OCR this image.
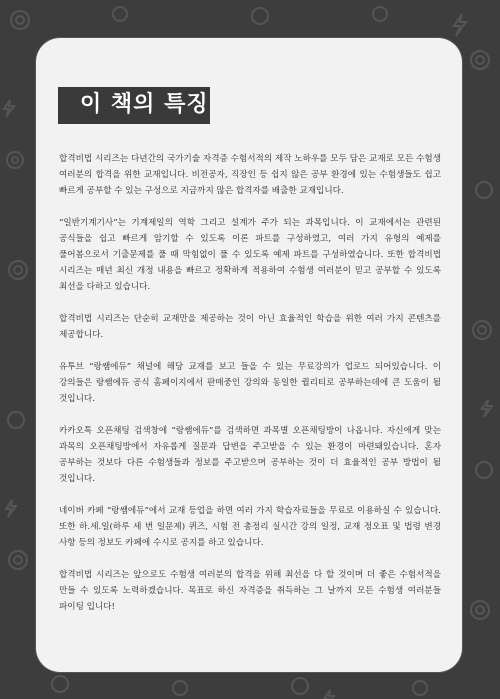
이 책의 특징

합격비법 시리즈는 다년간의 국가기술 자격증 수험서적의 제작 노하우를 모두 담은 교재로 모든 수험생 여러분의 합격을 위한 교재입니다. 비전공자, 직장인 등 쉽지 않은 공부 환경에 있는 수험생들도 쉽고 빠르게 공부할 수 있는 구성으로 지금까지 많은 합격자를 배출한 교재입니다.

“일반기계기사”는 기계제일의 역학 그리고 설계가 주가 되는 과목입니다. 이 교재에서는 관련된 공식들을 쉽고 빠르게 암기할 수 있도록 이론 파트를 구성하였고, 여러 가지 유형의 예제를 풀어봄으로서 기출문제를 풀 때 막힘없이 풀 수 있도록 예제 파트를 구성하였습니다. 또한 합격비법 시리즈는 매년 최신 개정 내용을 빠르고 정확하게 적용하여 수험생 여러분이 믿고 공부할 수 있도록 최선을 다하고 있습니다.

합격비법 시리즈는 단순히 교재만을 제공하는 것이 아닌 효율적인 학습을 위한 여러 가지 콘텐츠를 제공합니다.

유투브 “랑쌤에듀” 채널에 해당 교재를 보고 들을 수 있는 무료강의가 업로드 되어있습니다. 이 강의들은 랑쌤에듀 공식 홈페이지에서 판매중인 강의와 동일한 퀄리티로 공부하는데에 큰 도움이 될 것입니다.

카카오톡 오픈채팅 검색창에 “랑쌤에듀”를 검색하면 과목별 오픈채팅방이 나옵니다. 자신에게 맞는 과목의 오픈채팅방에서 자유롭게 질문과 답변을 주고받을 수 있는 환경이 마련돼있습니다. 혼자 공부하는 것보다 다른 수험생들과 정보를 주고받으며 공부하는 것이 더 효율적인 공부 방법이 될 것입니다.

네이버 카페 “랑쌤에듀”에서 교재 등업을 하면 여러 가지 학습자료들을 무료로 이용하실 수 있습니다. 또한 하.세.일(하루 세 번 일문제) 퀴즈, 시험 전 총정리 실시간 강의 일정, 교재 정오표 및 법령 변경 사항 등의 정보도 카페에 수시로 공지를 하고 있습니다.

합격비법 시리즈는 앞으로도 수험생 여러분의 합격을 위해 최선을 다 할 것이며 더 좋은 수험서적을 만들 수 있도록 노력하겠습니다. 목표로 하신 자격증을 취득하는 그 날까지 모든 수험생 여러분들 파이팅 입니다!
